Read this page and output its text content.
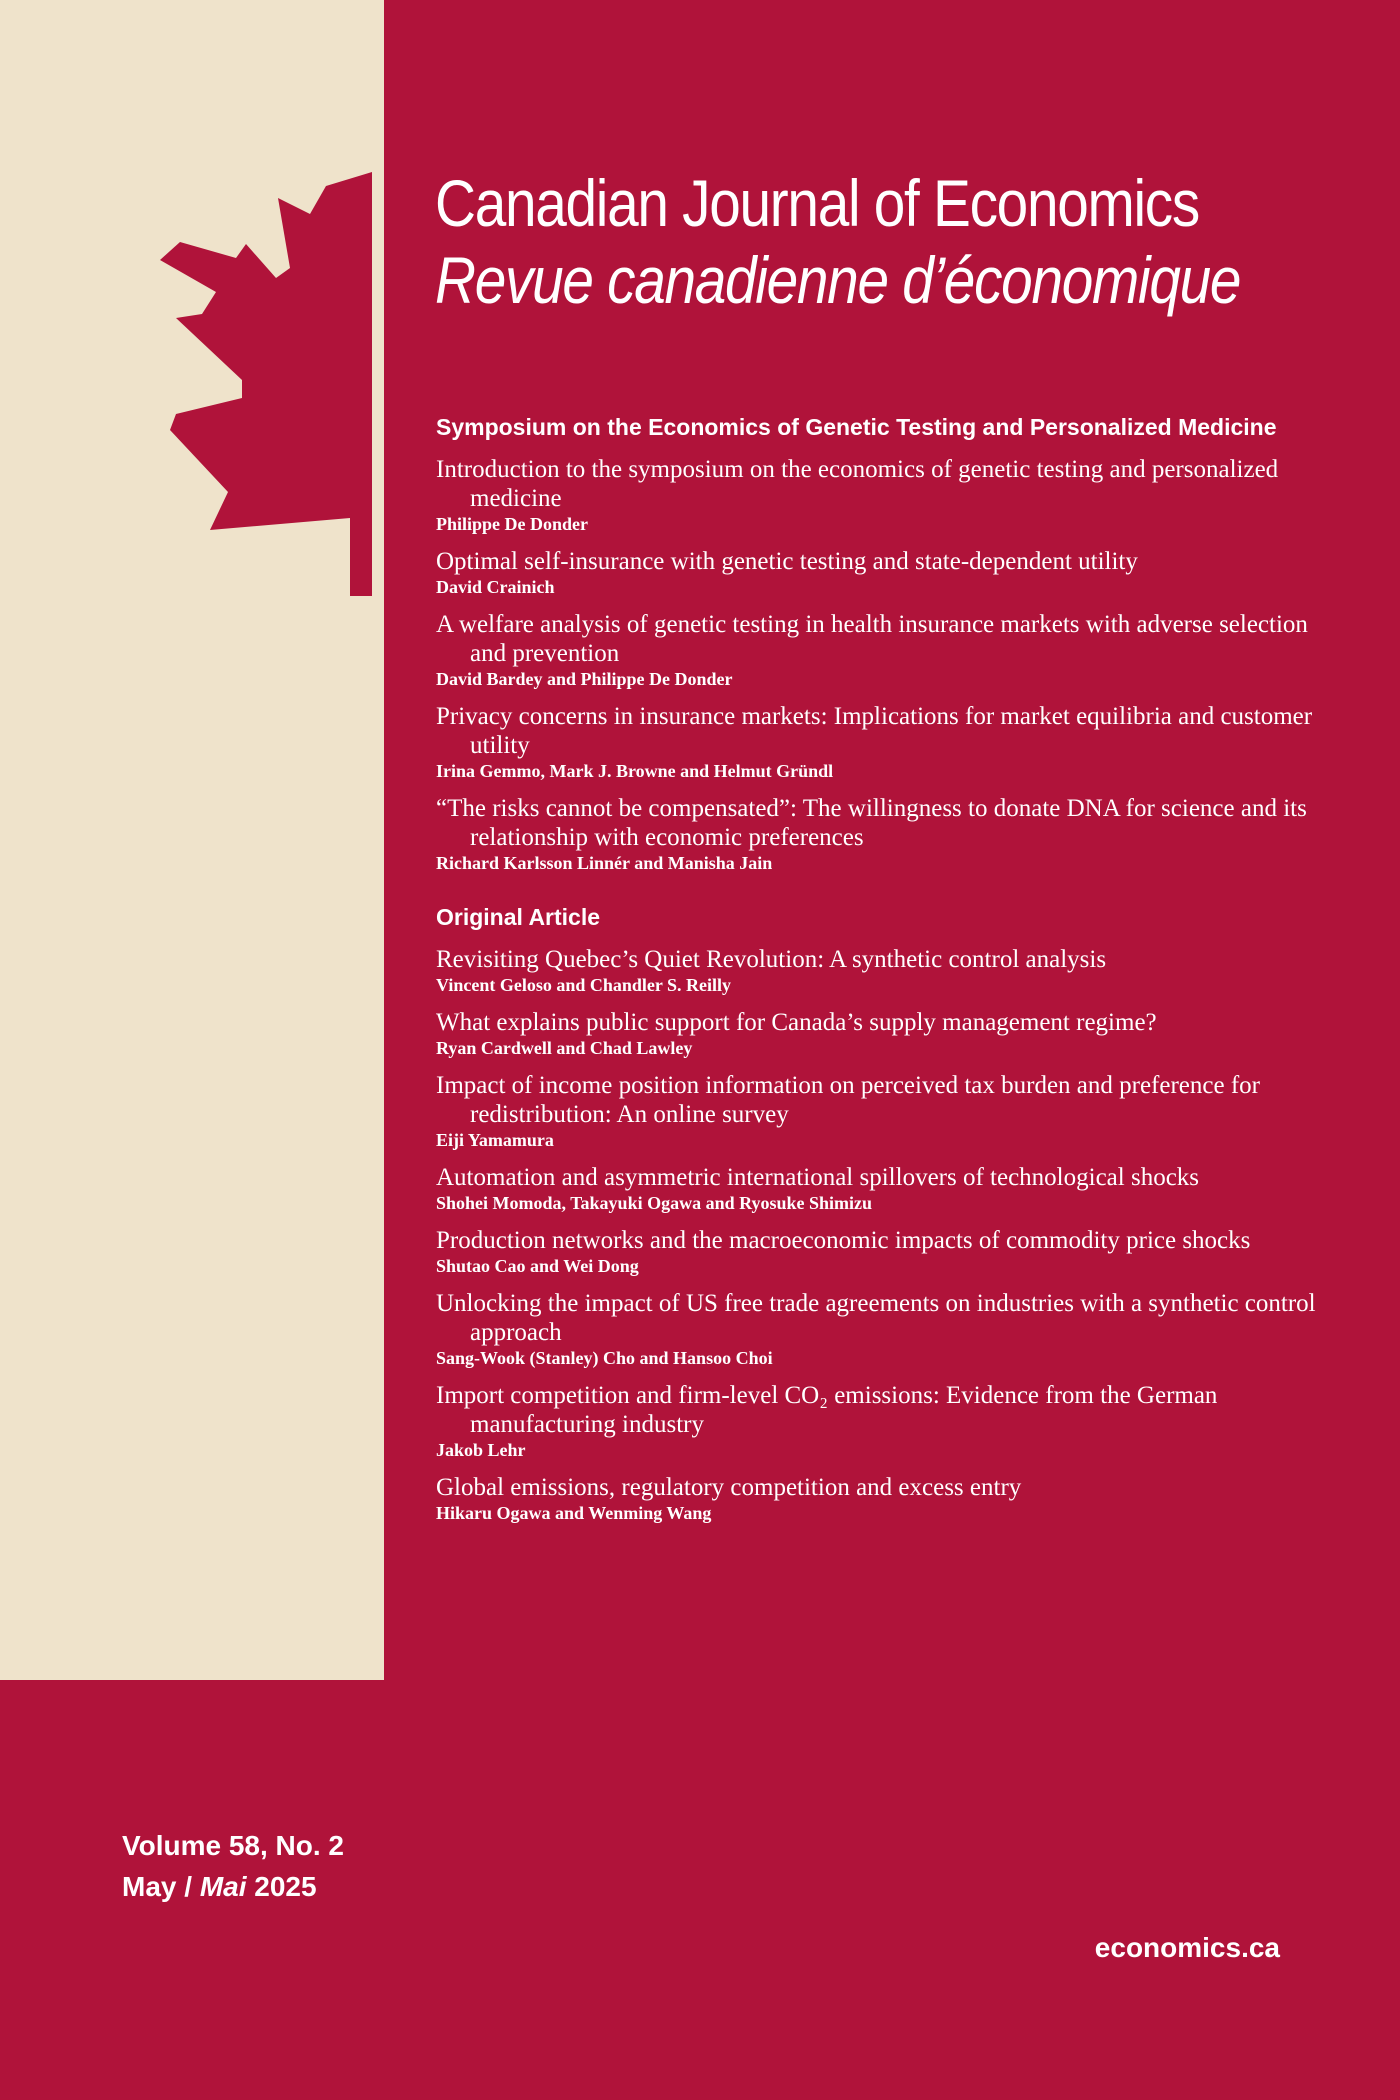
Canadian Journal of Economics
Revue canadienne d’économique
Symposium on the Economics of Genetic Testing and Personalized Medicine
Introduction to the symposium on the economics of genetic testing and personalized medicine
Philippe De Donder
Optimal self-insurance with genetic testing and state-dependent utility
David Crainich
A welfare analysis of genetic testing in health insurance markets with adverse selection and prevention
David Bardey and Philippe De Donder
Privacy concerns in insurance markets: Implications for market equilibria and customer utility
Irina Gemmo, Mark J. Browne and Helmut Gründl
“The risks cannot be compensated”: The willingness to donate DNA for science and its relationship with economic preferences
Richard Karlsson Linnér and Manisha Jain
Original Article
Revisiting Quebec’s Quiet Revolution: A synthetic control analysis
Vincent Geloso and Chandler S. Reilly
What explains public support for Canada’s supply management regime?
Ryan Cardwell and Chad Lawley
Impact of income position information on perceived tax burden and preference for redistribution: An online survey
Eiji Yamamura
Automation and asymmetric international spillovers of technological shocks
Shohei Momoda, Takayuki Ogawa and Ryosuke Shimizu
Production networks and the macroeconomic impacts of commodity price shocks
Shutao Cao and Wei Dong
Unlocking the impact of US free trade agreements on industries with a synthetic control approach
Sang-Wook (Stanley) Cho and Hansoo Choi
Import competition and firm-level CO₂ emissions: Evidence from the German manufacturing industry
Jakob Lehr
Global emissions, regulatory competition and excess entry
Hikaru Ogawa and Wenming Wang
Volume 58, No. 2
May / Mai 2025
economics.ca
